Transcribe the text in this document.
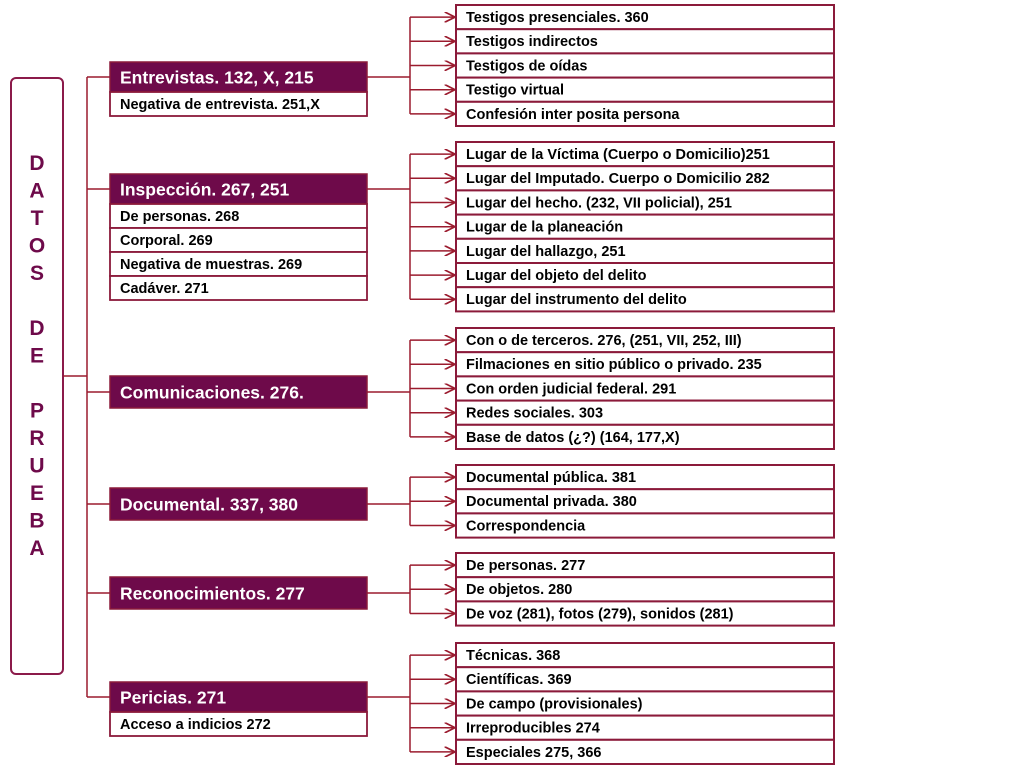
D A T O S D E P R U E B A
Entrevistas. 132, X, 215
Negativa de entrevista. 251,X
Inspección. 267, 251
De personas. 268
Corporal. 269
Negativa de muestras. 269
Cadáver. 271
Comunicaciones. 276.
Documental. 337, 380
Reconocimientos. 277
Pericias. 271
Acceso a indicios 272
Testigos presenciales. 360
Testigos indirectos
Testigos de oídas
Testigo virtual
Confesión inter posita persona
Lugar de la Víctima (Cuerpo o Domicilio)251
Lugar del Imputado. Cuerpo o Domicilio 282
Lugar del hecho. (232, VII policial), 251
Lugar de la planeación
Lugar del hallazgo, 251
Lugar del objeto del delito
Lugar del instrumento del delito
Con o de terceros. 276, (251, VII, 252, III)
Filmaciones en sitio público o privado. 235
Con orden judicial federal. 291
Redes sociales. 303
Base de datos (¿?) (164, 177,X)
Documental pública. 381
Documental privada. 380
Correspondencia
De personas. 277
De objetos. 280
De voz (281), fotos (279), sonidos (281)
Técnicas. 368
Científicas. 369
De campo (provisionales)
Irreproducibles 274
Especiales 275, 366
